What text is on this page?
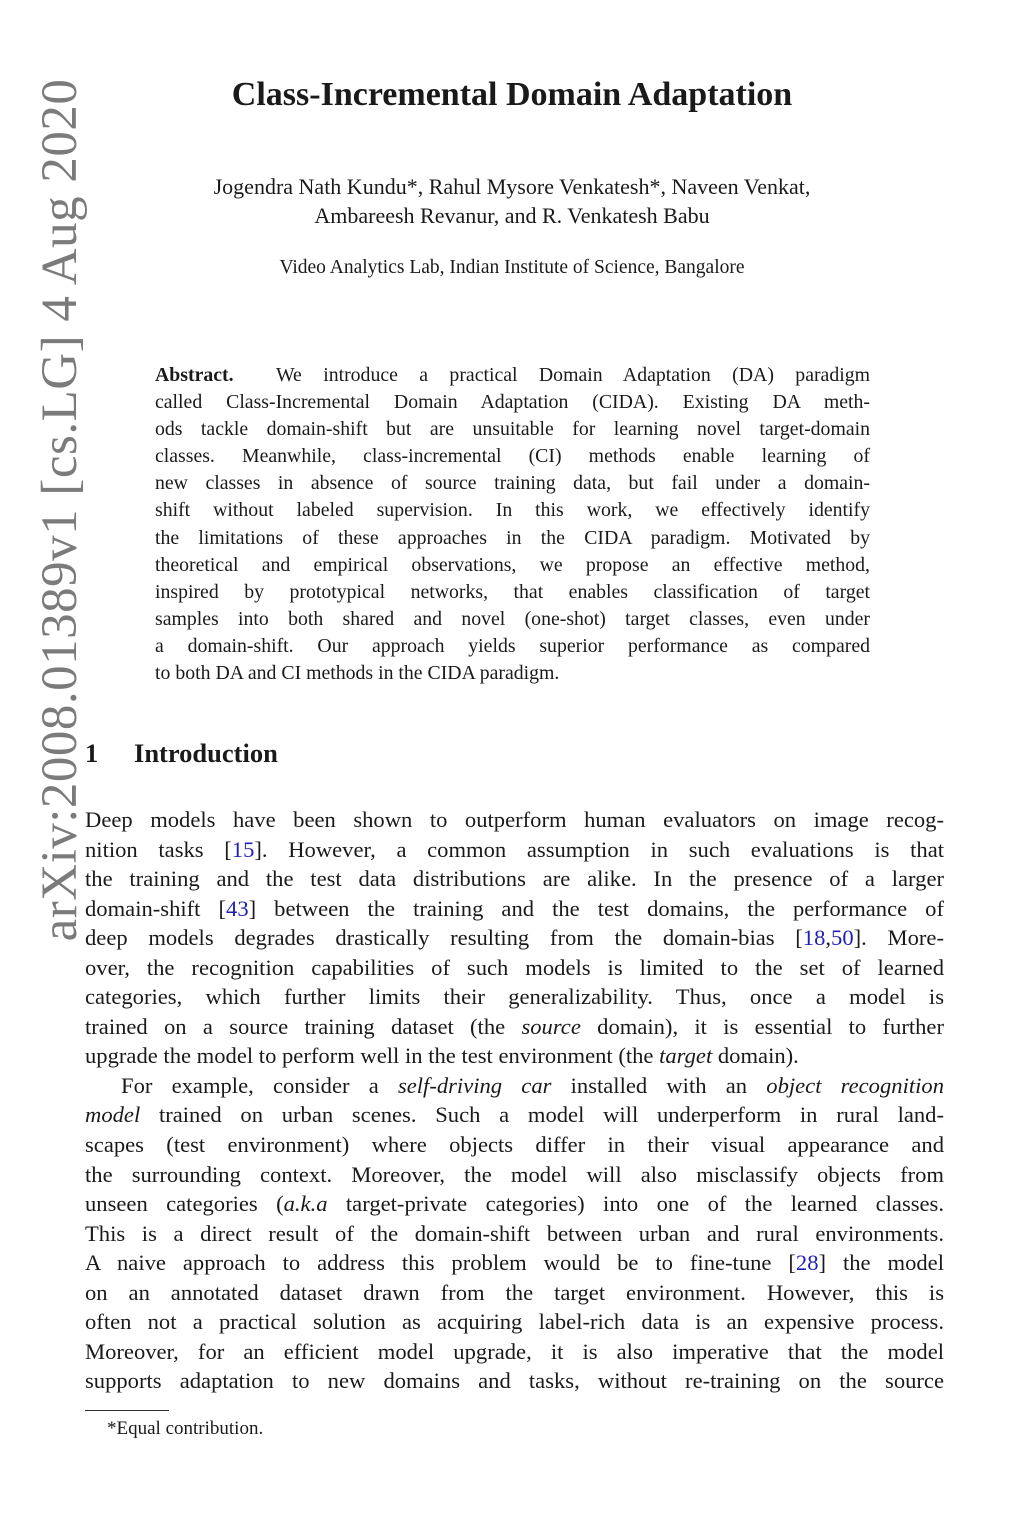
arXiv:2008.01389v1 [cs.LG] 4 Aug 2020	Class-Incremental Domain Adaptation
Jogendra Nath Kundu*, Rahul Mysore Venkatesh*, Naveen Venkat,
Ambareesh Revanur, and R. Venkatesh Babu
Video Analytics Lab, Indian Institute of Science, Bangalore
Abstract.  We introduce a practical Domain Adaptation (DA) paradigm
called Class-Incremental Domain Adaptation (CIDA). Existing DA meth-
ods tackle domain-shift but are unsuitable for learning novel target-domain
classes. Meanwhile, class-incremental (CI) methods enable learning of
new classes in absence of source training data, but fail under a domain-
shift without labeled supervision. In this work, we effectively identify
the limitations of these approaches in the CIDA paradigm. Motivated by
theoretical and empirical observations, we propose an effective method,
inspired by prototypical networks, that enables classification of target
samples into both shared and novel (one-shot) target classes, even under
a domain-shift. Our approach yields superior performance as compared
to both DA and CI methods in the CIDA paradigm.
1 Introduction
Deep models have been shown to outperform human evaluators on image recog-
nition tasks [15]. However, a common assumption in such evaluations is that
the training and the test data distributions are alike. In the presence of a larger
domain-shift [43] between the training and the test domains, the performance of
deep models degrades drastically resulting from the domain-bias [18,50]. More-
over, the recognition capabilities of such models is limited to the set of learned
categories, which further limits their generalizability. Thus, once a model is
trained on a source training dataset (the source domain), it is essential to further
upgrade the model to perform well in the test environment (the target domain).
For example, consider a self-driving car installed with an object recognition
model trained on urban scenes. Such a model will underperform in rural land-
scapes (test environment) where objects differ in their visual appearance and
the surrounding context. Moreover, the model will also misclassify objects from
unseen categories (a.k.a target-private categories) into one of the learned classes.
This is a direct result of the domain-shift between urban and rural environments.
A naive approach to address this problem would be to fine-tune [28] the model
on an annotated dataset drawn from the target environment. However, this is
often not a practical solution as acquiring label-rich data is an expensive process.
Moreover, for an efficient model upgrade, it is also imperative that the model
supports adaptation to new domains and tasks, without re-training on the source
*Equal contribution.
